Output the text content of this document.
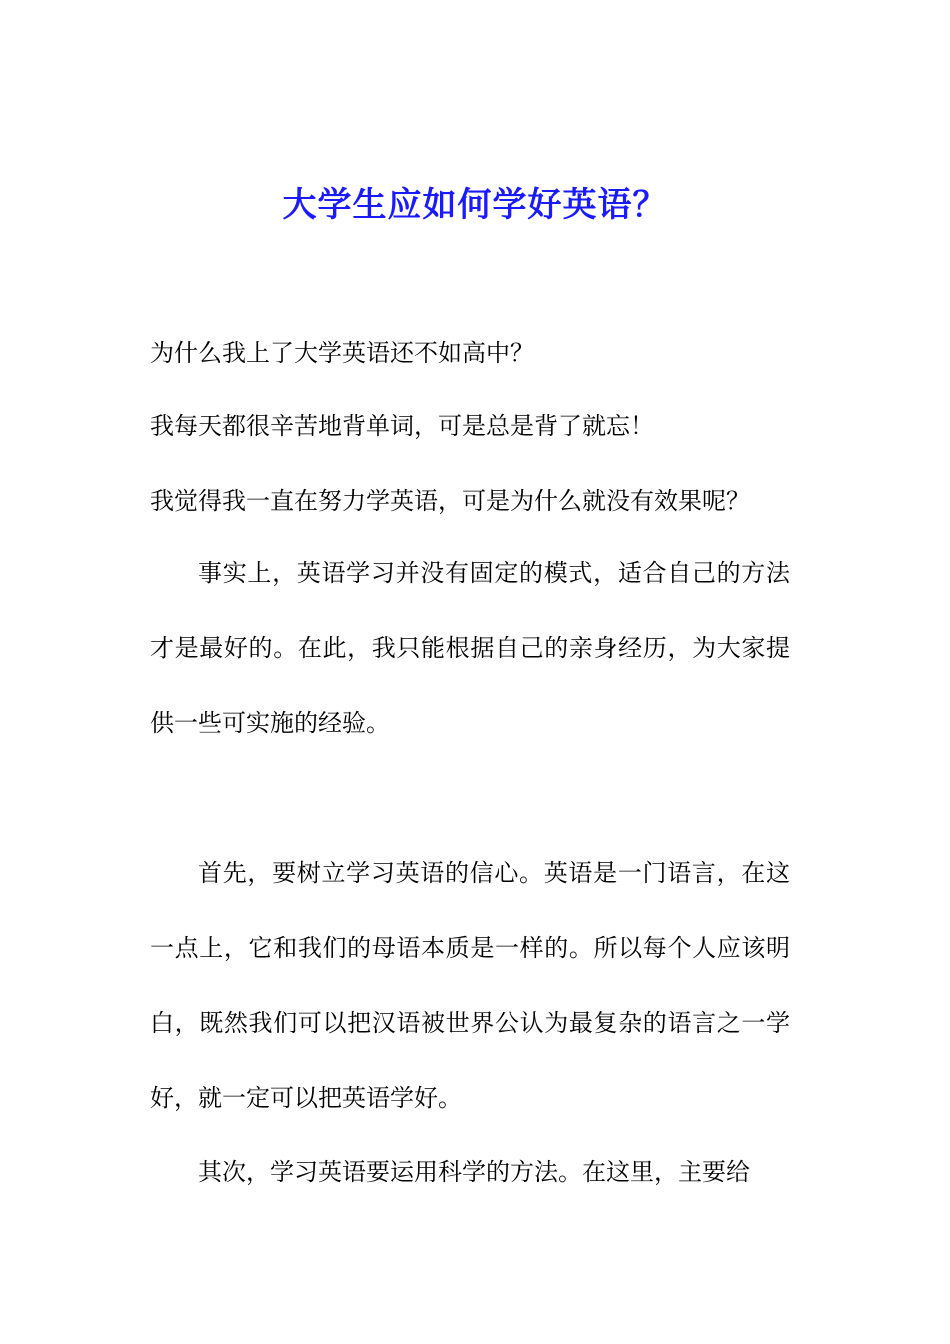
大学生应如何学好英语？
为什么我上了大学英语还不如高中？
我每天都很辛苦地背单词，可是总是背了就忘！
我觉得我一直在努力学英语，可是为什么就没有效果呢？

事实上，英语学习并没有固定的模式，适合自己的方法才是最好的。在此，我只能根据自己的亲身经历，为大家提供一些可实施的经验。

首先，要树立学习英语的信心。英语是一门语言，在这一点上，它和我们的母语本质是一样的。所以每个人应该明白，既然我们可以把汉语被世界公认为最复杂的语言之一学好，就一定可以把英语学好。

其次，学习英语要运用科学的方法。在这里，主要给
